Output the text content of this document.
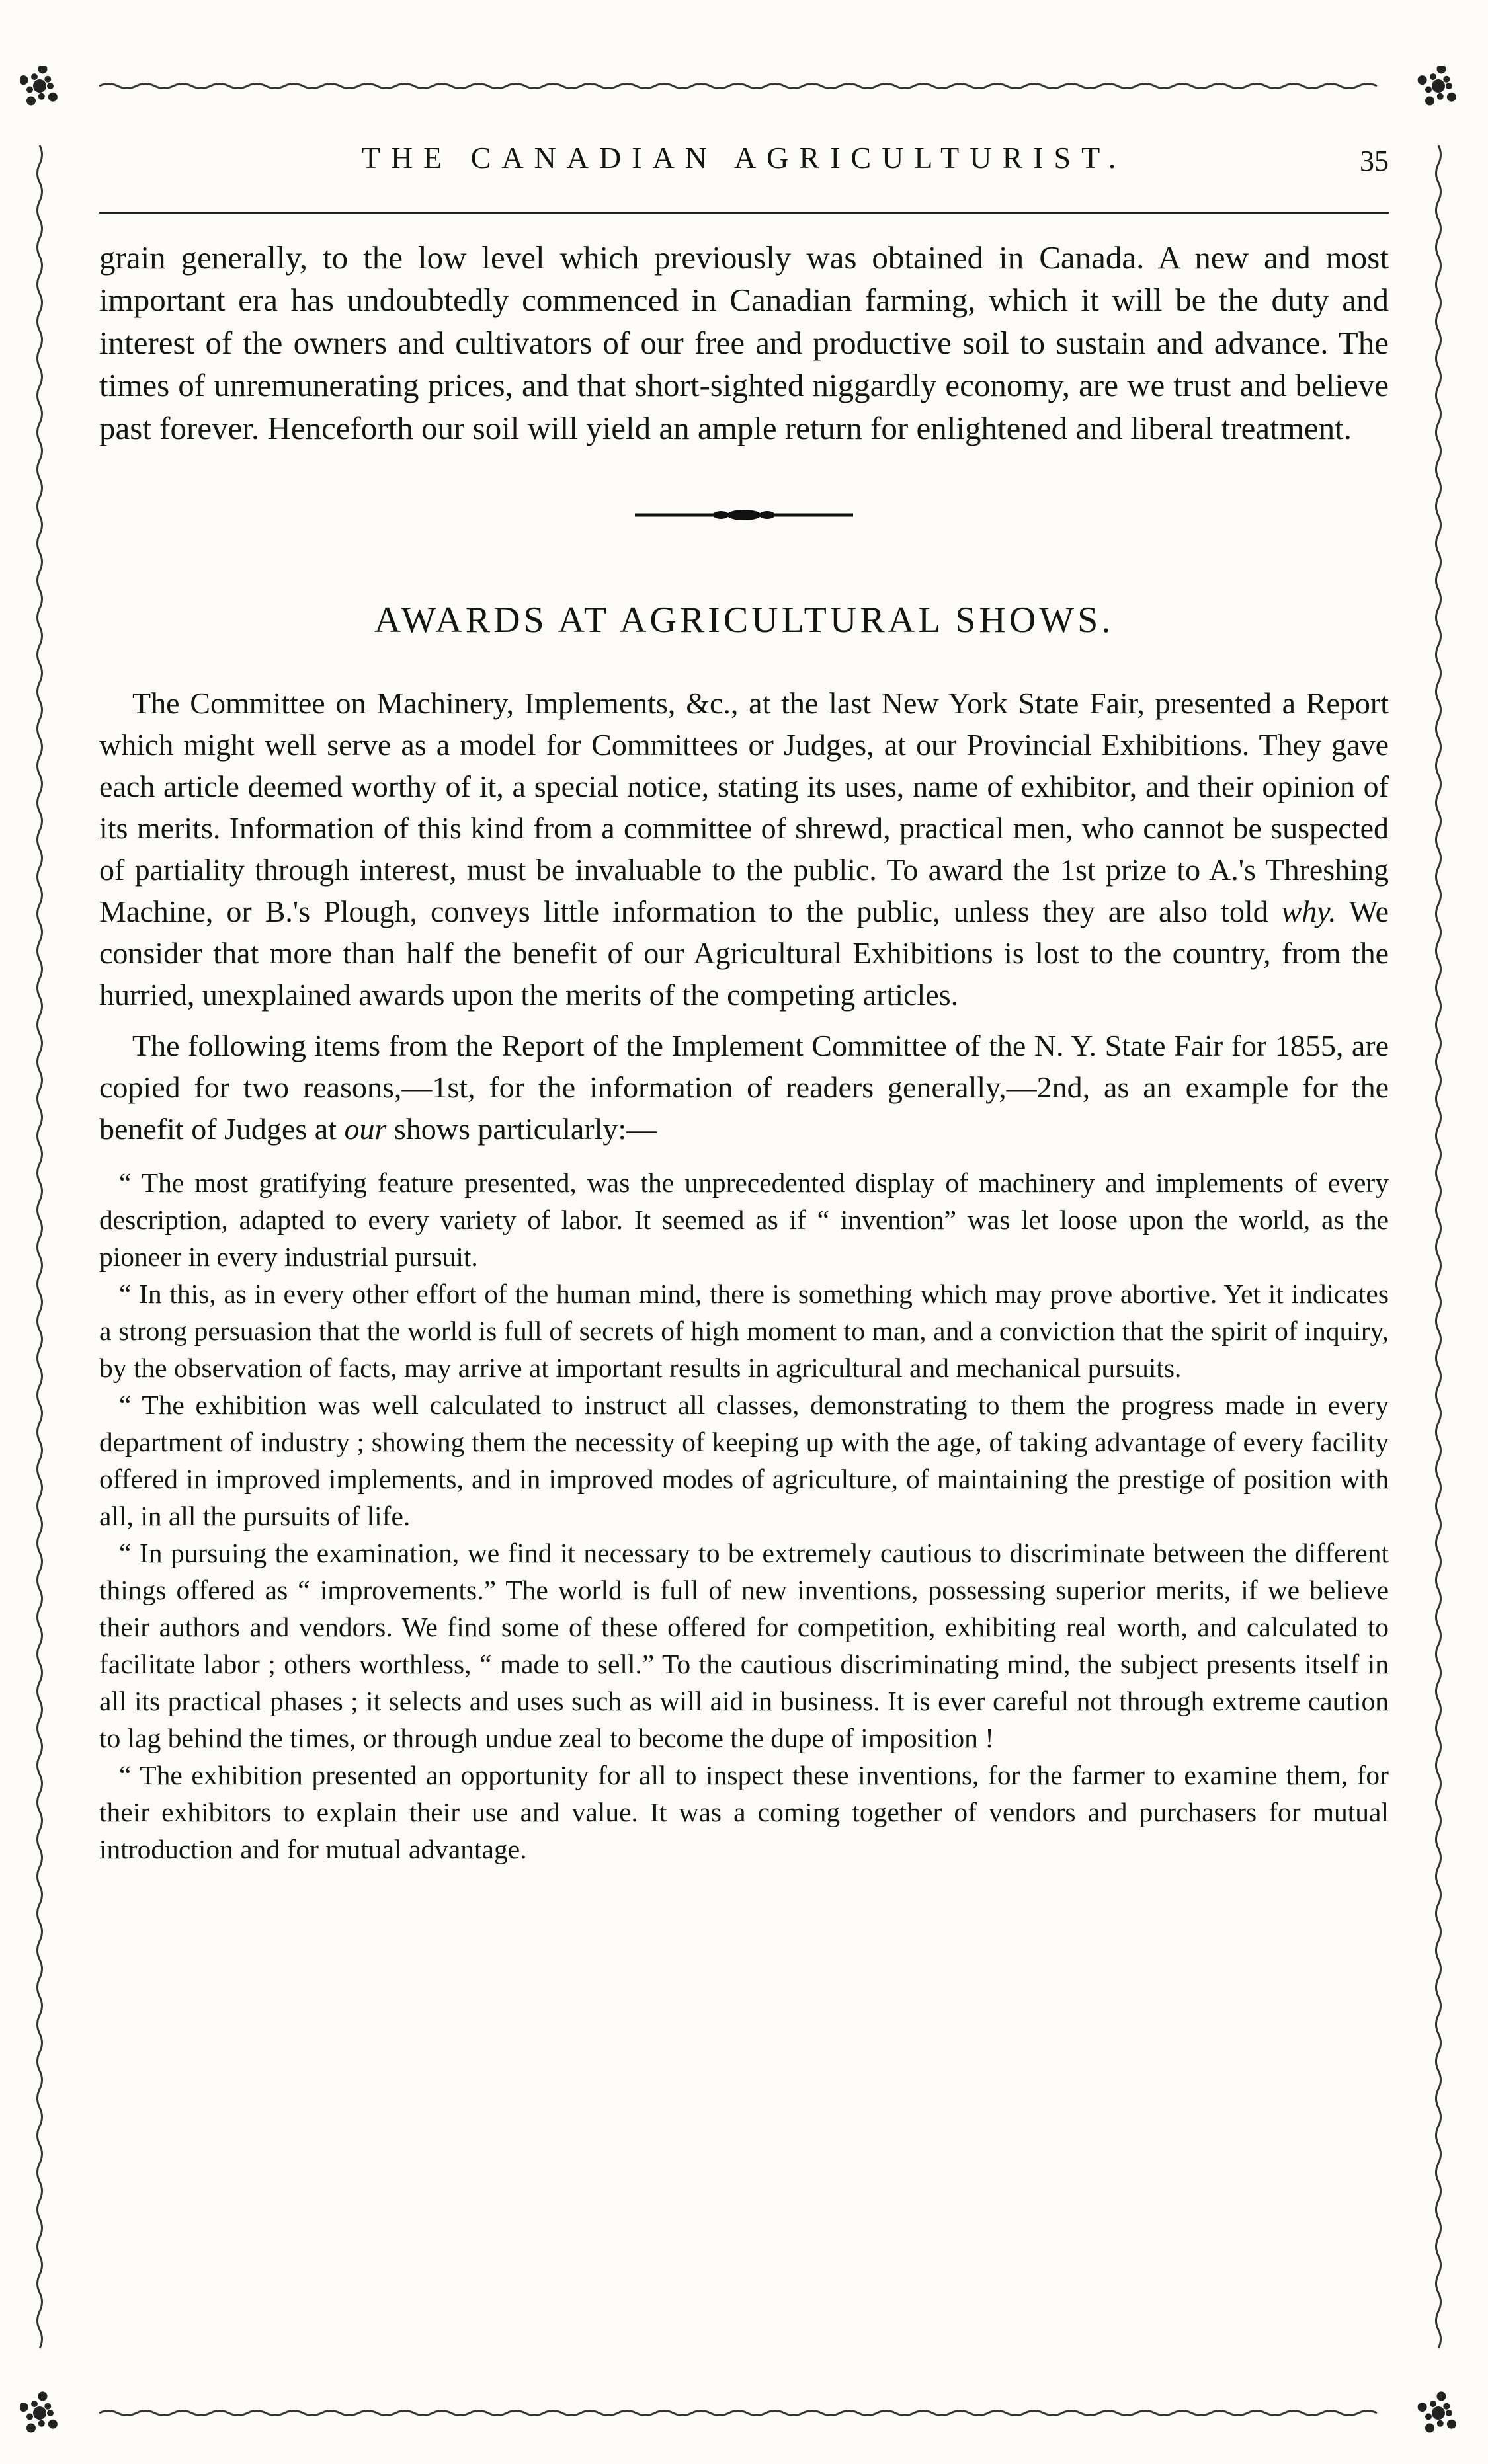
THE CANADIAN AGRICULTURIST.	35

grain generally, to the low level which previously was obtained in Canada. A new and most important era has undoubtedly commenced in Canadian farming, which it will be the duty and interest of the owners and cultivators of our free and productive soil to sustain and advance. The times of unremunerating prices, and that short-sighted niggardly economy, are we trust and believe past forever. Henceforth our soil will yield an ample return for enlightened and liberal treatment.

AWARDS AT AGRICULTURAL SHOWS.

The Committee on Machinery, Implements, &c., at the last New York State Fair, presented a Report which might well serve as a model for Committees or Judges, at our Provincial Exhibitions. They gave each article deemed worthy of it, a special notice, stating its uses, name of exhibitor, and their opinion of its merits. Information of this kind from a committee of shrewd, practical men, who cannot be suspected of partiality through interest, must be invaluable to the public. To award the 1st prize to A.'s Threshing Machine, or B.'s Plough, conveys little information to the public, unless they are also told why. We consider that more than half the benefit of our Agricultural Exhibitions is lost to the country, from the hurried, unexplained awards upon the merits of the competing articles.

The following items from the Report of the Implement Committee of the N. Y. State Fair for 1855, are copied for two reasons,—1st, for the information of readers generally,—2nd, as an example for the benefit of Judges at our shows particularly:—

“ The most gratifying feature presented, was the unprecedented display of machinery and implements of every description, adapted to every variety of labor. It seemed as if “ invention” was let loose upon the world, as the pioneer in every industrial pursuit.

“ In this, as in every other effort of the human mind, there is something which may prove abortive. Yet it indicates a strong persuasion that the world is full of secrets of high moment to man, and a conviction that the spirit of inquiry, by the observation of facts, may arrive at important results in agricultural and mechanical pursuits.

“ The exhibition was well calculated to instruct all classes, demonstrating to them the progress made in every department of industry ; showing them the necessity of keeping up with the age, of taking advantage of every facility offered in improved implements, and in improved modes of agriculture, of maintaining the prestige of position with all, in all the pursuits of life.

“ In pursuing the examination, we find it necessary to be extremely cautious to discriminate between the different things offered as “ improvements.” The world is full of new inventions, possessing superior merits, if we believe their authors and vendors. We find some of these offered for competition, exhibiting real worth, and calculated to facilitate labor ; others worthless, “ made to sell.” To the cautious discriminating mind, the subject presents itself in all its practical phases ; it selects and uses such as will aid in business. It is ever careful not through extreme caution to lag behind the times, or through undue zeal to become the dupe of imposition !

“ The exhibition presented an opportunity for all to inspect these inventions, for the farmer to examine them, for their exhibitors to explain their use and value. It was a coming together of vendors and purchasers for mutual introduction and for mutual advantage.
